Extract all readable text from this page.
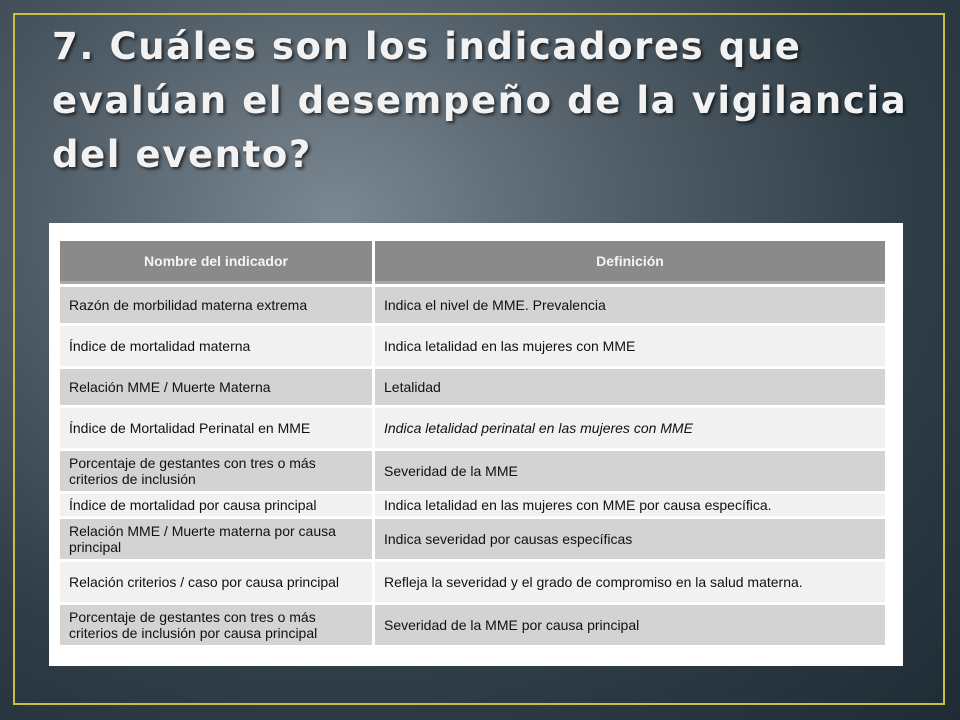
7. Cuáles son los indicadores que evalúan el desempeño de la vigilancia del evento?
Nombre del indicador	Definición
Razón de morbilidad materna extrema	Indica el nivel de MME. Prevalencia
Índice de mortalidad materna	Indica letalidad en las mujeres con MME
Relación MME / Muerte Materna	Letalidad
Índice de Mortalidad Perinatal en MME	Indica letalidad perinatal en las mujeres con MME
Porcentaje de gestantes con tres o más criterios de inclusión	Severidad de la MME
Índice de mortalidad por causa principal	Indica letalidad en las mujeres con MME por causa específica.
Relación MME / Muerte materna por causa principal	Indica severidad por causas específicas
Relación criterios / caso por causa principal	Refleja la severidad y el grado de compromiso en la salud materna.
Porcentaje de gestantes con tres o más criterios de inclusión por causa principal	Severidad de la MME por causa principal
